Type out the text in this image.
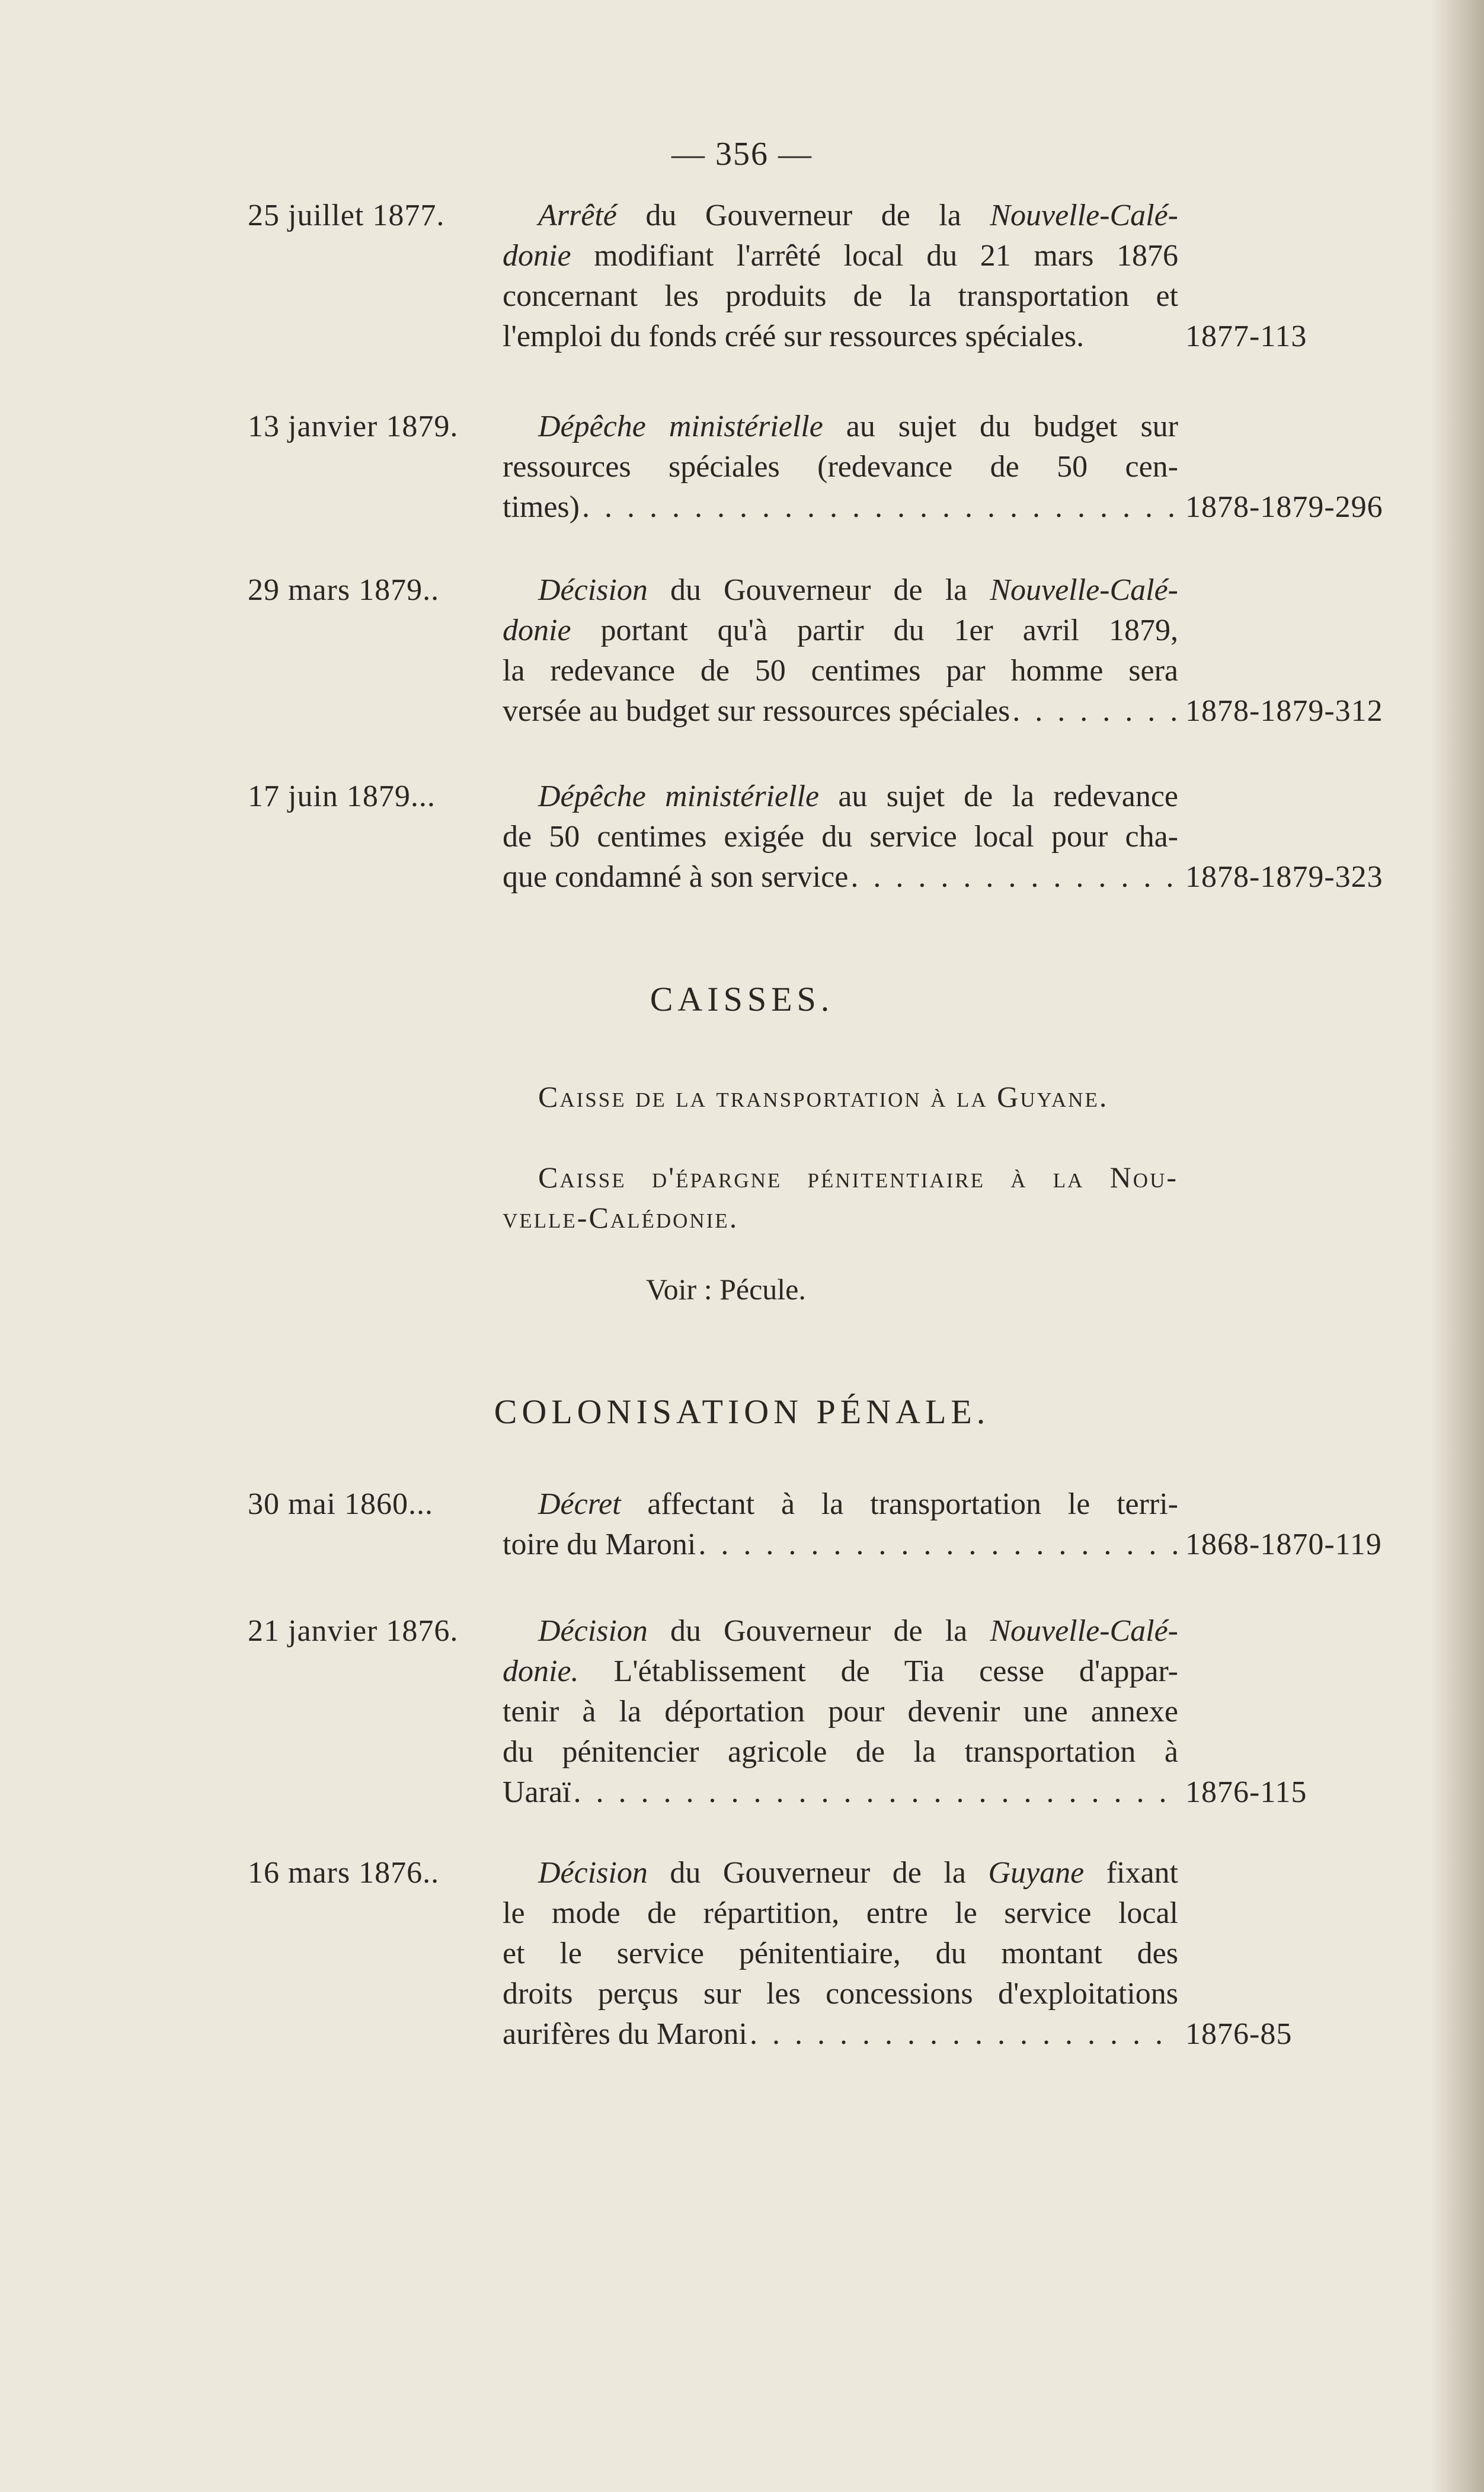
— 356 —
25 juillet 1877.	Arrêté du Gouverneur de la Nouvelle-Calé-
donie modifiant l'arrêté local du 21 mars 1876
concernant les produits de la transportation et
l'emploi du fonds créé sur ressources spéciales.	1877-113
13 janvier 1879.	Dépêche ministérielle au sujet du budget sur
ressources spéciales (redevance de 50 cen-
times) . . .	1878-1879-296
29 mars 1879..	Décision du Gouverneur de la Nouvelle-Calé-
donie portant qu'à partir du 1er avril 1879,
la redevance de 50 centimes par homme sera
versée au budget sur ressources spéciales . . .	1878-1879-312
17 juin 1879...	Dépêche ministérielle au sujet de la redevance
de 50 centimes exigée du service local pour cha-
que condamné à son service . . .	1878-1879-323
CAISSES.
Caisse de la transportation à la Guyane.
Caisse d'épargne pénitentiaire à la Nou-
velle-Calédonie.
Voir : Pécule.
COLONISATION PÉNALE.
30 mai 1860...	Décret affectant à la transportation le terri-
toire du Maroni . . .	1868-1870-119
21 janvier 1876.	Décision du Gouverneur de la Nouvelle-Calé-
donie. L'établissement de Tia cesse d'appar-
tenir à la déportation pour devenir une annexe
du pénitencier agricole de la transportation à
Uaraï . . .	1876-115
16 mars 1876..	Décision du Gouverneur de la Guyane fixant
le mode de répartition, entre le service local
et le service pénitentiaire, du montant des
droits perçus sur les concessions d'exploitations
aurifères du Maroni . . .	1876-85
